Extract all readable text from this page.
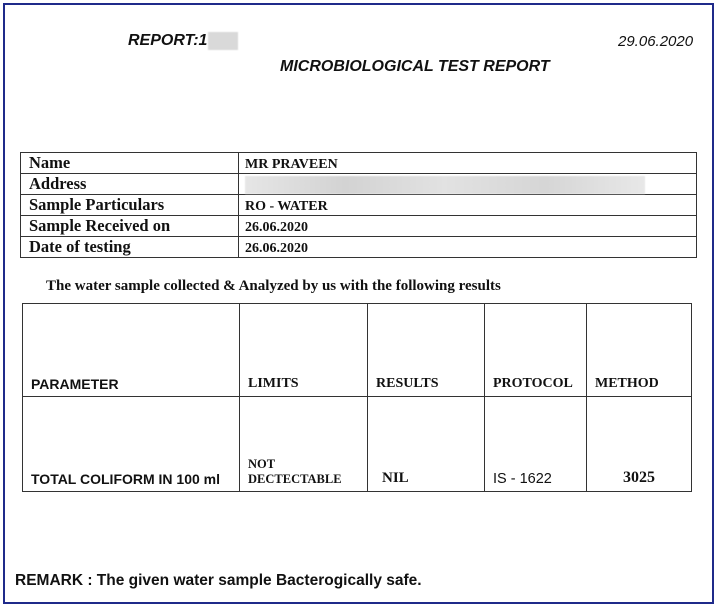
REPORT:1	29.06.2020
MICROBIOLOGICAL TEST REPORT
Name	MR PRAVEEN
Address	
Sample Particulars	RO - WATER
Sample Received on	26.06.2020
Date of testing	26.06.2020
The water sample collected & Analyzed by us with the following results
PARAMETER	LIMITS	RESULTS	PROTOCOL	METHOD
TOTAL COLIFORM IN 100 ml	NOT
DECTECTABLE	NIL	IS - 1622	3025
REMARK : The given water sample Bacterogically safe.
